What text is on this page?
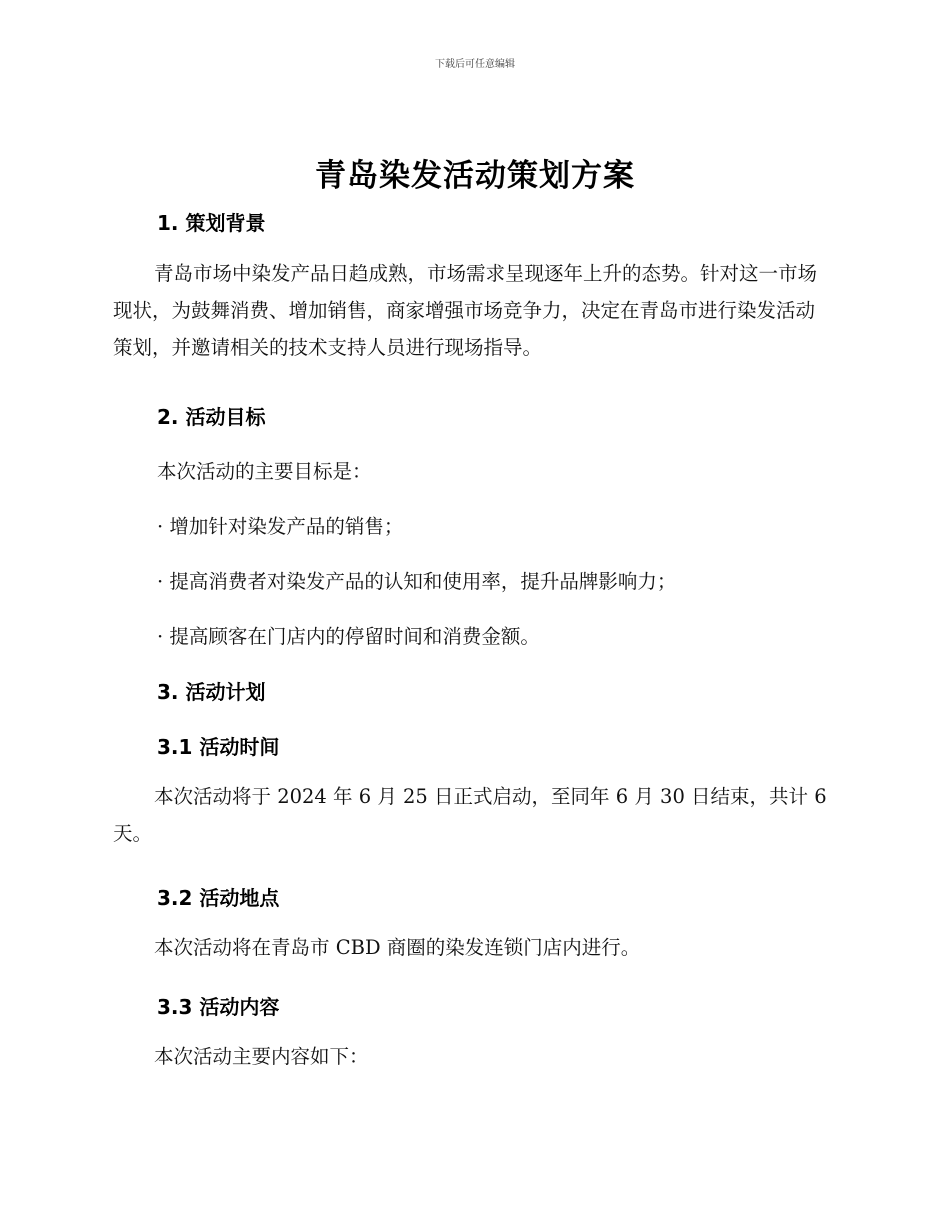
下载后可任意编辑
青岛染发活动策划方案
1. 策划背景
青岛市场中染发产品日趋成熟，市场需求呈现逐年上升的态势。针对这一市场现状，为鼓舞消费、增加销售，商家增强市场竞争力，决定在青岛市进行染发活动策划，并邀请相关的技术支持人员进行现场指导。
2. 活动目标
本次活动的主要目标是：
· 增加针对染发产品的销售；
· 提高消费者对染发产品的认知和使用率，提升品牌影响力；
· 提高顾客在门店内的停留时间和消费金额。
3. 活动计划
3.1 活动时间
本次活动将于 2024 年 6 月 25 日正式启动，至同年 6 月 30 日结束，共计 6 天。
3.2 活动地点
本次活动将在青岛市 CBD 商圈的染发连锁门店内进行。
3.3 活动内容
本次活动主要内容如下：
